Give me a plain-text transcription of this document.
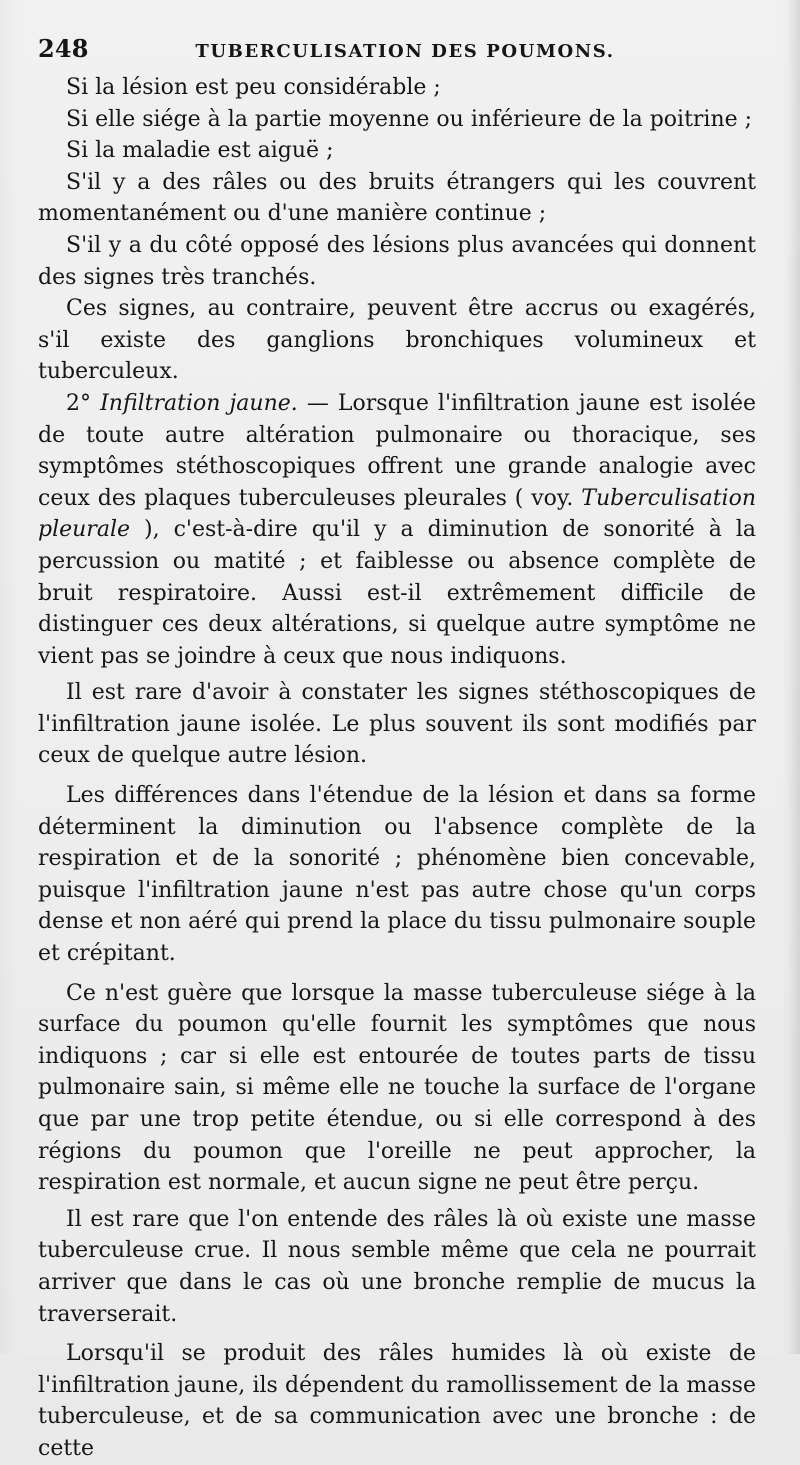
248	TUBERCULISATION DES POUMONS.

Si la lésion est peu considérable ;

Si elle siége à la partie moyenne ou inférieure de la poitrine ;

Si la maladie est aiguë ;

S'il y a des râles ou des bruits étrangers qui les couvrent momentanément ou d'une manière continue ;

S'il y a du côté opposé des lésions plus avancées qui donnent des signes très tranchés.

Ces signes, au contraire, peuvent être accrus ou exagérés, s'il existe des ganglions bronchiques volumineux et tuberculeux.

2° Infiltration jaune. — Lorsque l'infiltration jaune est isolée de toute autre altération pulmonaire ou thoracique, ses symptômes stéthoscopiques offrent une grande analogie avec ceux des plaques tuberculeuses pleurales ( voy. Tuberculisation pleurale ), c'est-à-dire qu'il y a diminution de sonorité à la percussion ou matité ; et faiblesse ou absence complète de bruit respiratoire. Aussi est-il extrêmement difficile de distinguer ces deux altérations, si quelque autre symptôme ne vient pas se joindre à ceux que nous indiquons.

Il est rare d'avoir à constater les signes stéthoscopiques de l'infiltration jaune isolée. Le plus souvent ils sont modifiés par ceux de quelque autre lésion.

Les différences dans l'étendue de la lésion et dans sa forme déterminent la diminution ou l'absence complète de la respiration et de la sonorité ; phénomène bien concevable, puisque l'infiltration jaune n'est pas autre chose qu'un corps dense et non aéré qui prend la place du tissu pulmonaire souple et crépitant.

Ce n'est guère que lorsque la masse tuberculeuse siége à la surface du poumon qu'elle fournit les symptômes que nous indiquons ; car si elle est entourée de toutes parts de tissu pulmonaire sain, si même elle ne touche la surface de l'organe que par une trop petite étendue, ou si elle correspond à des régions du poumon que l'oreille ne peut approcher, la respiration est normale, et aucun signe ne peut être perçu.

Il est rare que l'on entende des râles là où existe une masse tuberculeuse crue. Il nous semble même que cela ne pourrait arriver que dans le cas où une bronche remplie de mucus la traverserait.

Lorsqu'il se produit des râles humides là où existe de l'infiltration jaune, ils dépendent du ramollissement de la masse tuberculeuse, et de sa communication avec une bronche : de cette
